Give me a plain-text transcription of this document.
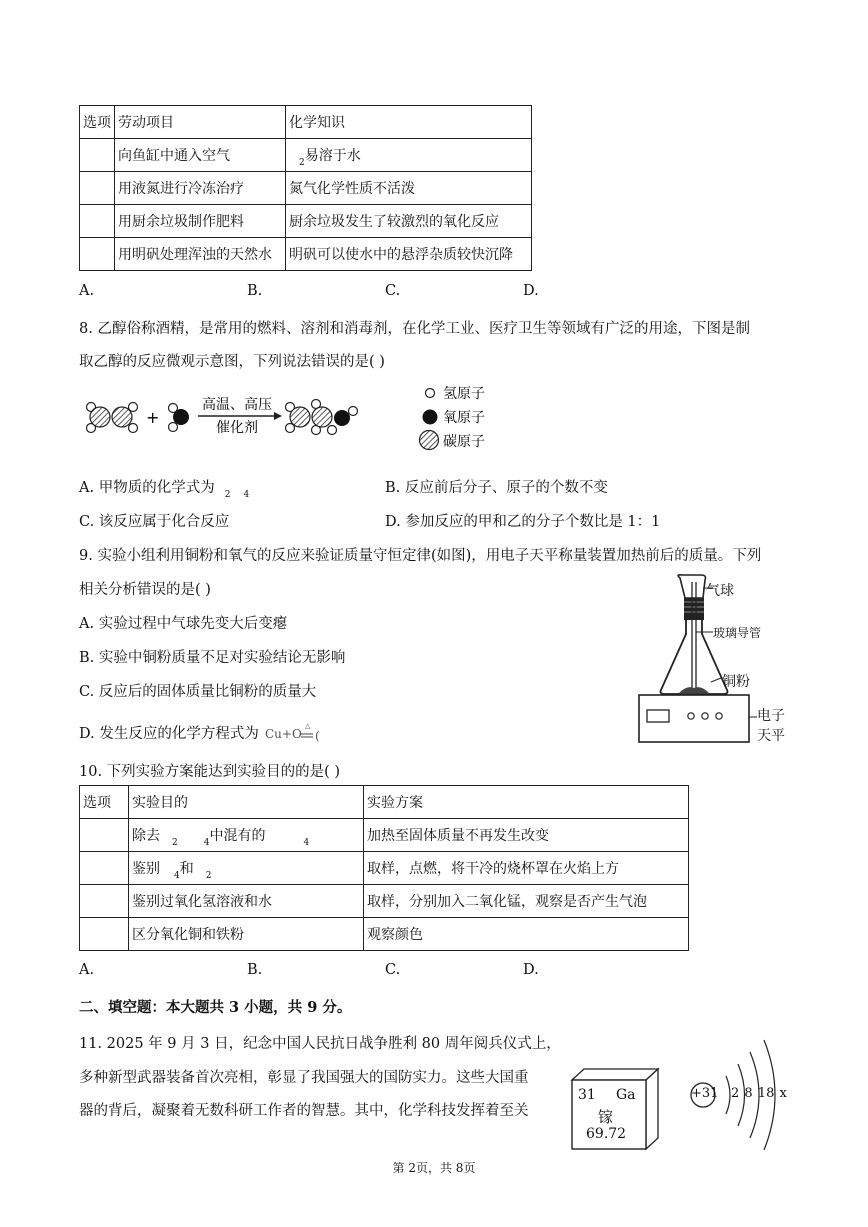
选项	劳动项目	化学知识
	向鱼缸中通入空气	$_2$易溶于水
	用液氮进行冷冻治疗	氮气化学性质不活泼
	用厨余垃圾制作肥料	厨余垃圾发生了较激烈的氧化反应
	用明矾处理浑浊的天然水	明矾可以使水中的悬浮杂质较快沉降
A.	B.	C.	D.
8. 乙醇俗称酒精，是常用的燃料、溶剂和消毒剂，在化学工业、医疗卫生等领域有广泛的用途，下图是制
取乙醇的反应微观示意图，下列说法错误的是( )
+
高温、高压
催化剂
氢原子
氧原子
碳原子
A. 甲物质的化学式为 $_2$ $_4$	B. 反应前后分子、原子的个数不变
C. 该反应属于化合反应	D. 参加反应的甲和乙的分子个数比是 1：1
9. 实验小组利用铜粉和氧气的反应来验证质量守恒定律(如图)，用电子天平称量装置加热前后的质量。下列
相关分析错误的是( )
A. 实验过程中气球先变大后变瘪
B. 实验中铜粉质量不足对实验结论无影响
C. 反应后的固体质量比铜粉的质量大
D. 发生反应的化学方程式为 Cu+O
△
(
气球
玻璃导管
铜粉
电子
天平
10. 下列实验方案能达到实验目的的是( )
选项	实验目的	实验方案
	除去 $_2$ $_4$中混有的 $_4$	加热至固体质量不再发生改变
	鉴别 $_4$和 $_2$	取样，点燃，将干冷的烧杯罩在火焰上方
	鉴别过氧化氢溶液和水	取样，分别加入二氧化锰，观察是否产生气泡
	区分氧化铜和铁粉	观察颜色
A.	B.	C.	D.
二、填空题：本大题共 3 小题，共 9 分。
11. 2025 年 9 月 3 日，纪念中国人民抗日战争胜利 80 周年阅兵仪式上，
多种新型武器装备首次亮相，彰显了我国强大的国防实力。这些大国重
器的背后，凝聚着无数科研工作者的智慧。其中，化学科技发挥着至关
31 Ga
镓
69.72
+31 2 8 18 x
第 2页，共 8页
